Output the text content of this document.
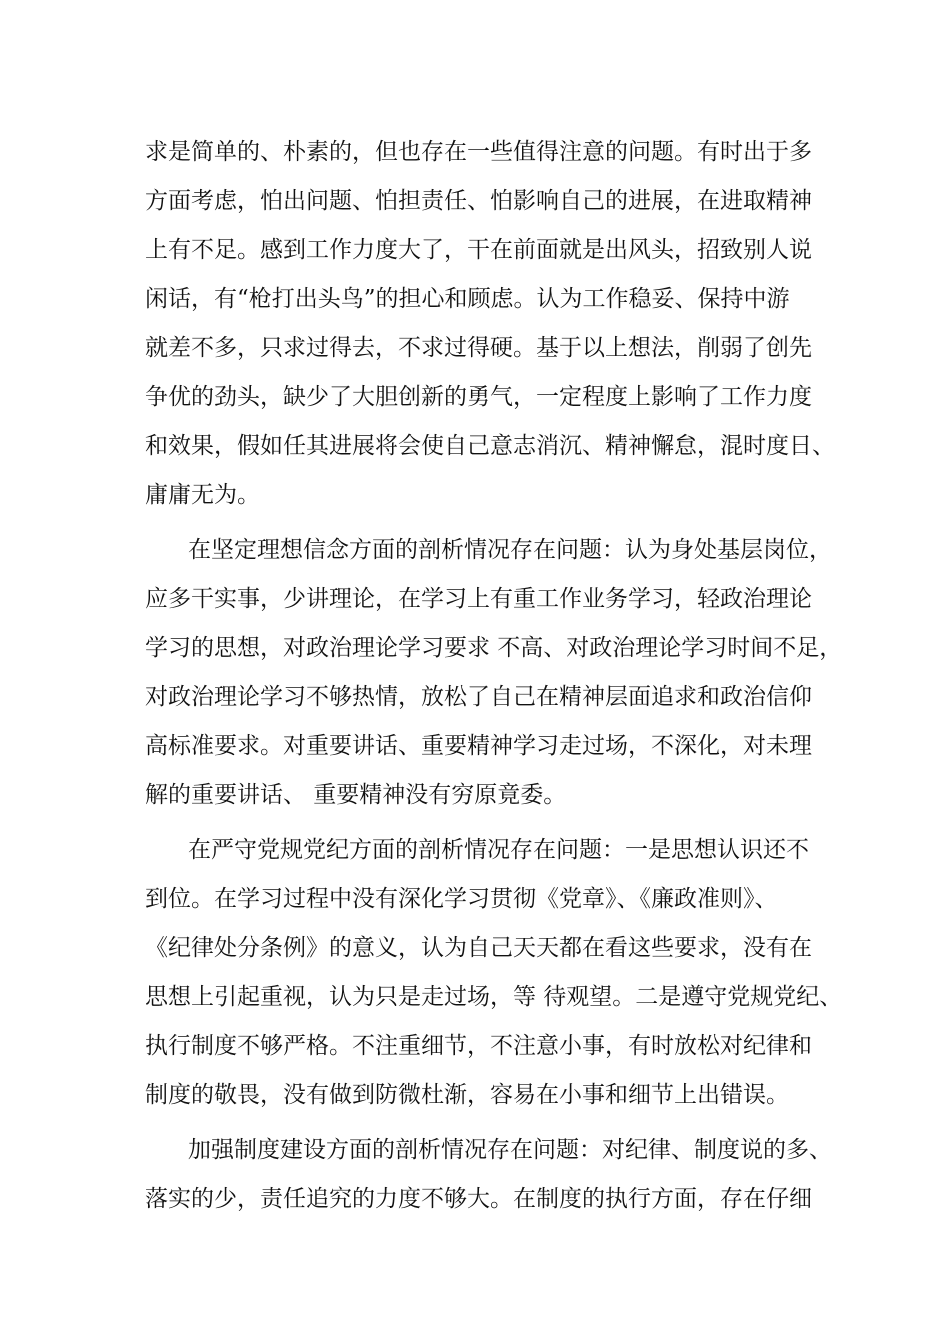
求是简单的、朴素的，但也存在一些值得注意的问题。有时出于多
方面考虑，怕出问题、怕担责任、怕影响自己的进展，在进取精神
上有不足。感到工作力度大了，干在前面就是出风头，招致别人说
闲话，有“枪打出头鸟”的担心和顾虑。认为工作稳妥、保持中游
就差不多，只求过得去，不求过得硬。基于以上想法，削弱了创先
争优的劲头，缺少了大胆创新的勇气，一定程度上影响了工作力度
和效果，假如任其进展将会使自己意志消沉、精神懈怠，混时度日、
庸庸无为。
在坚定理想信念方面的剖析情况存在问题：认为身处基层岗位，
应多干实事，少讲理论，在学习上有重工作业务学习，轻政治理论
学习的思想，对政治理论学习要求 不高、对政治理论学习时间不足，
对政治理论学习不够热情，放松了自己在精神层面追求和政治信仰
高标准要求。对重要讲话、重要精神学习走过场，不深化，对未理
解的重要讲话、 重要精神没有穷原竟委。
在严守党规党纪方面的剖析情况存在问题：一是思想认识还不
到位。在学习过程中没有深化学习贯彻《党章》、《廉政准则》、
《纪律处分条例》的意义，认为自己天天都在看这些要求，没有在
思想上引起重视，认为只是走过场，等 待观望。二是遵守党规党纪、
执行制度不够严格。不注重细节，不注意小事，有时放松对纪律和
制度的敬畏，没有做到防微杜渐，容易在小事和细节上出错误。
加强制度建设方面的剖析情况存在问题：对纪律、制度说的多、
落实的少，责任追究的力度不够大。在制度的执行方面，存在仔细
